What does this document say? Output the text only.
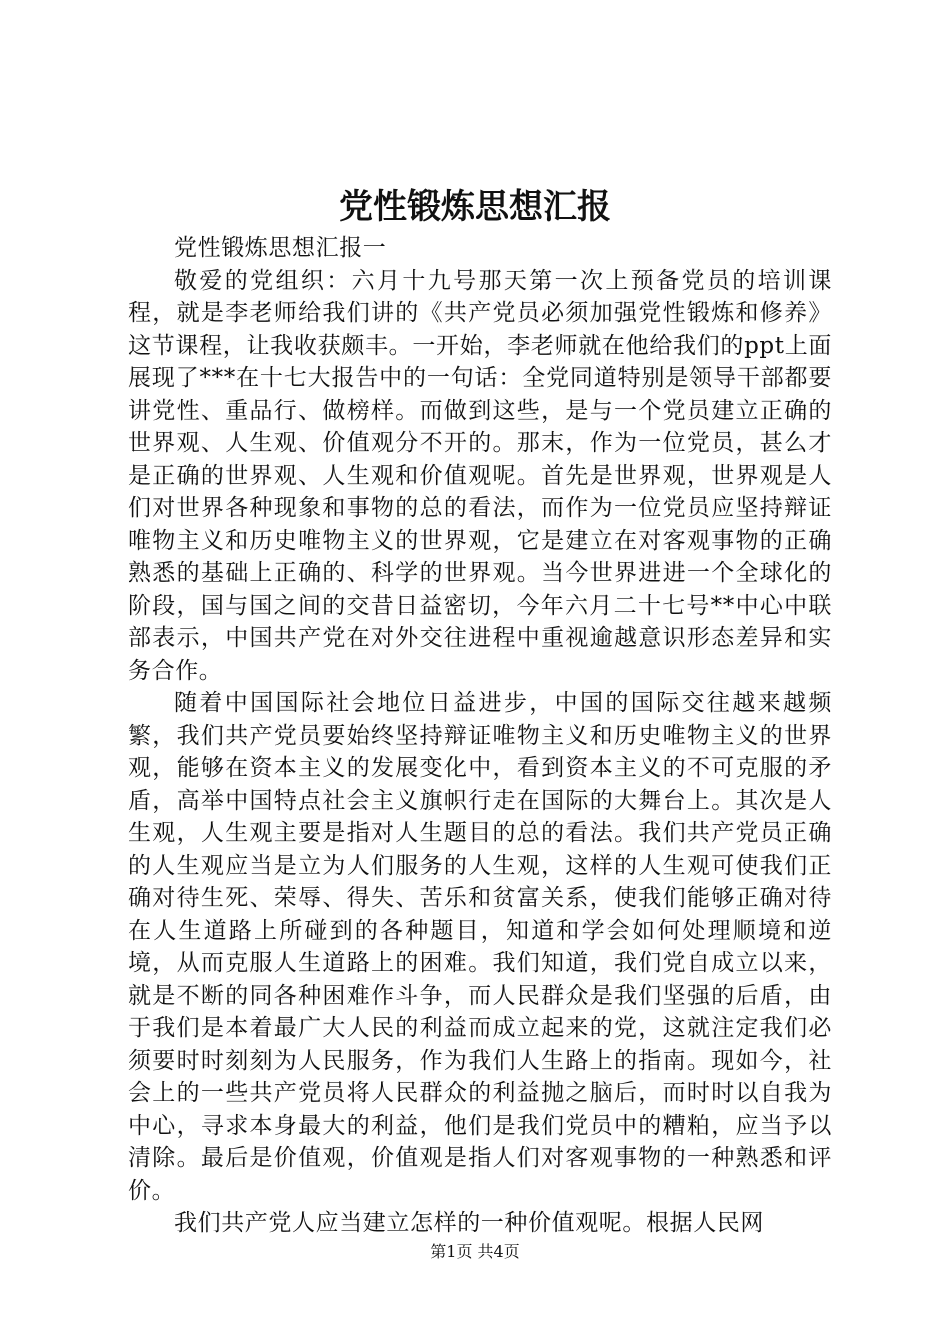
党性锻炼思想汇报

党性锻炼思想汇报一

敬爱的党组织：六月十九号那天第一次上预备党员的培训课程，就是李老师给我们讲的《共产党员必须加强党性锻炼和修养》这节课程，让我收获颇丰。一开始，李老师就在他给我们的ppt上面展现了***在十七大报告中的一句话：全党同道特别是领导干部都要讲党性、重品行、做榜样。而做到这些，是与一个党员建立正确的世界观、人生观、价值观分不开的。那末，作为一位党员，甚么才是正确的世界观、人生观和价值观呢。首先是世界观，世界观是人们对世界各种现象和事物的总的看法，而作为一位党员应坚持辩证唯物主义和历史唯物主义的世界观，它是建立在对客观事物的正确熟悉的基础上正确的、科学的世界观。当今世界进进一个全球化的阶段，国与国之间的交昔日益密切，今年六月二十七号**中心中联部表示，中国共产党在对外交往进程中重视逾越意识形态差异和实务合作。

随着中国国际社会地位日益进步，中国的国际交往越来越频繁，我们共产党员要始终坚持辩证唯物主义和历史唯物主义的世界观，能够在资本主义的发展变化中，看到资本主义的不可克服的矛盾，高举中国特点社会主义旗帜行走在国际的大舞台上。其次是人生观，人生观主要是指对人生题目的总的看法。我们共产党员正确的人生观应当是立为人们服务的人生观，这样的人生观可使我们正确对待生死、荣辱、得失、苦乐和贫富关系，使我们能够正确对待在人生道路上所碰到的各种题目，知道和学会如何处理顺境和逆境，从而克服人生道路上的困难。我们知道，我们党自成立以来，就是不断的同各种困难作斗争，而人民群众是我们坚强的后盾，由于我们是本着最广大人民的利益而成立起来的党，这就注定我们必须要时时刻刻为人民服务，作为我们人生路上的指南。现如今，社会上的一些共产党员将人民群众的利益抛之脑后，而时时以自我为中心，寻求本身最大的利益，他们是我们党员中的糟粕，应当予以清除。最后是价值观，价值观是指人们对客观事物的一种熟悉和评价。

我们共产党人应当建立怎样的一种价值观呢。根据人民网

第1页 共4页
